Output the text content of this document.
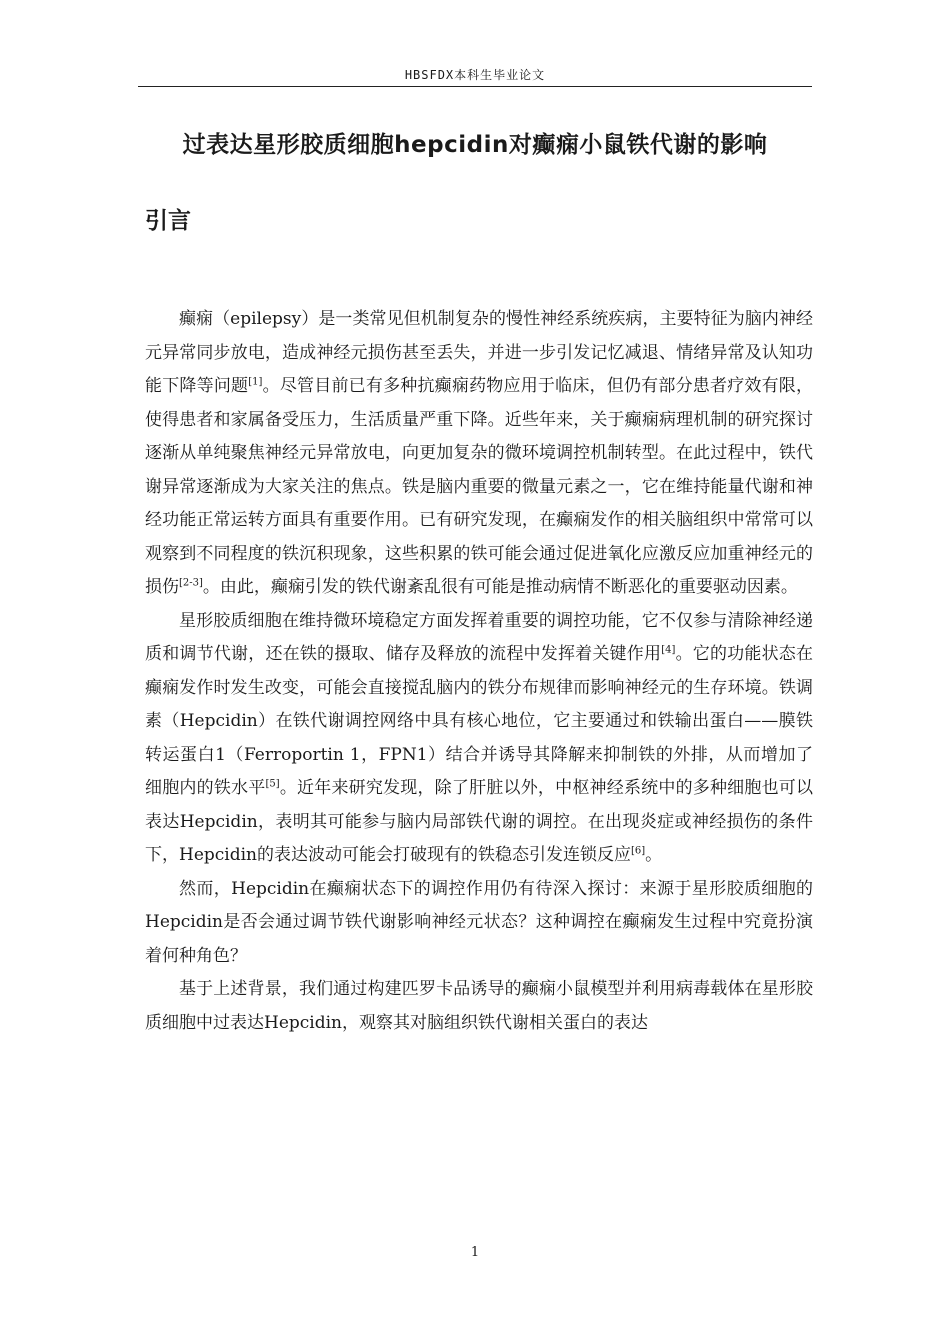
HBSFDX本科生毕业论文
过表达星形胶质细胞hepcidin对癫痫小鼠铁代谢的影响
引言

癫痫（epilepsy）是一类常见但机制复杂的慢性神经系统疾病，主要特征为脑内神经元异常同步放电，造成神经元损伤甚至丢失，并进一步引发记忆减退、情绪异常及认知功能下降等问题[1]。尽管目前已有多种抗癫痫药物应用于临床，但仍有部分患者疗效有限，使得患者和家属备受压力，生活质量严重下降。近些年来，关于癫痫病理机制的研究探讨逐渐从单纯聚焦神经元异常放电，向更加复杂的微环境调控机制转型。在此过程中，铁代谢异常逐渐成为大家关注的焦点。铁是脑内重要的微量元素之一，它在维持能量代谢和神经功能正常运转方面具有重要作用。已有研究发现，在癫痫发作的相关脑组织中常常可以观察到不同程度的铁沉积现象，这些积累的铁可能会通过促进氧化应激反应加重神经元的损伤[2-3]。由此，癫痫引发的铁代谢紊乱很有可能是推动病情不断恶化的重要驱动因素。

星形胶质细胞在维持微环境稳定方面发挥着重要的调控功能，它不仅参与清除神经递质和调节代谢，还在铁的摄取、储存及释放的流程中发挥着关键作用[4]。它的功能状态在癫痫发作时发生改变，可能会直接搅乱脑内的铁分布规律而影响神经元的生存环境。铁调素（Hepcidin）在铁代谢调控网络中具有核心地位，它主要通过和铁输出蛋白——膜铁转运蛋白1（Ferroportin 1，FPN1）结合并诱导其降解来抑制铁的外排，从而增加了细胞内的铁水平[5]。近年来研究发现，除了肝脏以外，中枢神经系统中的多种细胞也可以表达Hepcidin，表明其可能参与脑内局部铁代谢的调控。在出现炎症或神经损伤的条件下，Hepcidin的表达波动可能会打破现有的铁稳态引发连锁反应[6]。

然而，Hepcidin在癫痫状态下的调控作用仍有待深入探讨：来源于星形胶质细胞的Hepcidin是否会通过调节铁代谢影响神经元状态？这种调控在癫痫发生过程中究竟扮演着何种角色？

基于上述背景，我们通过构建匹罗卡品诱导的癫痫小鼠模型并利用病毒载体在星形胶质细胞中过表达Hepcidin，观察其对脑组织铁代谢相关蛋白的表达

1
